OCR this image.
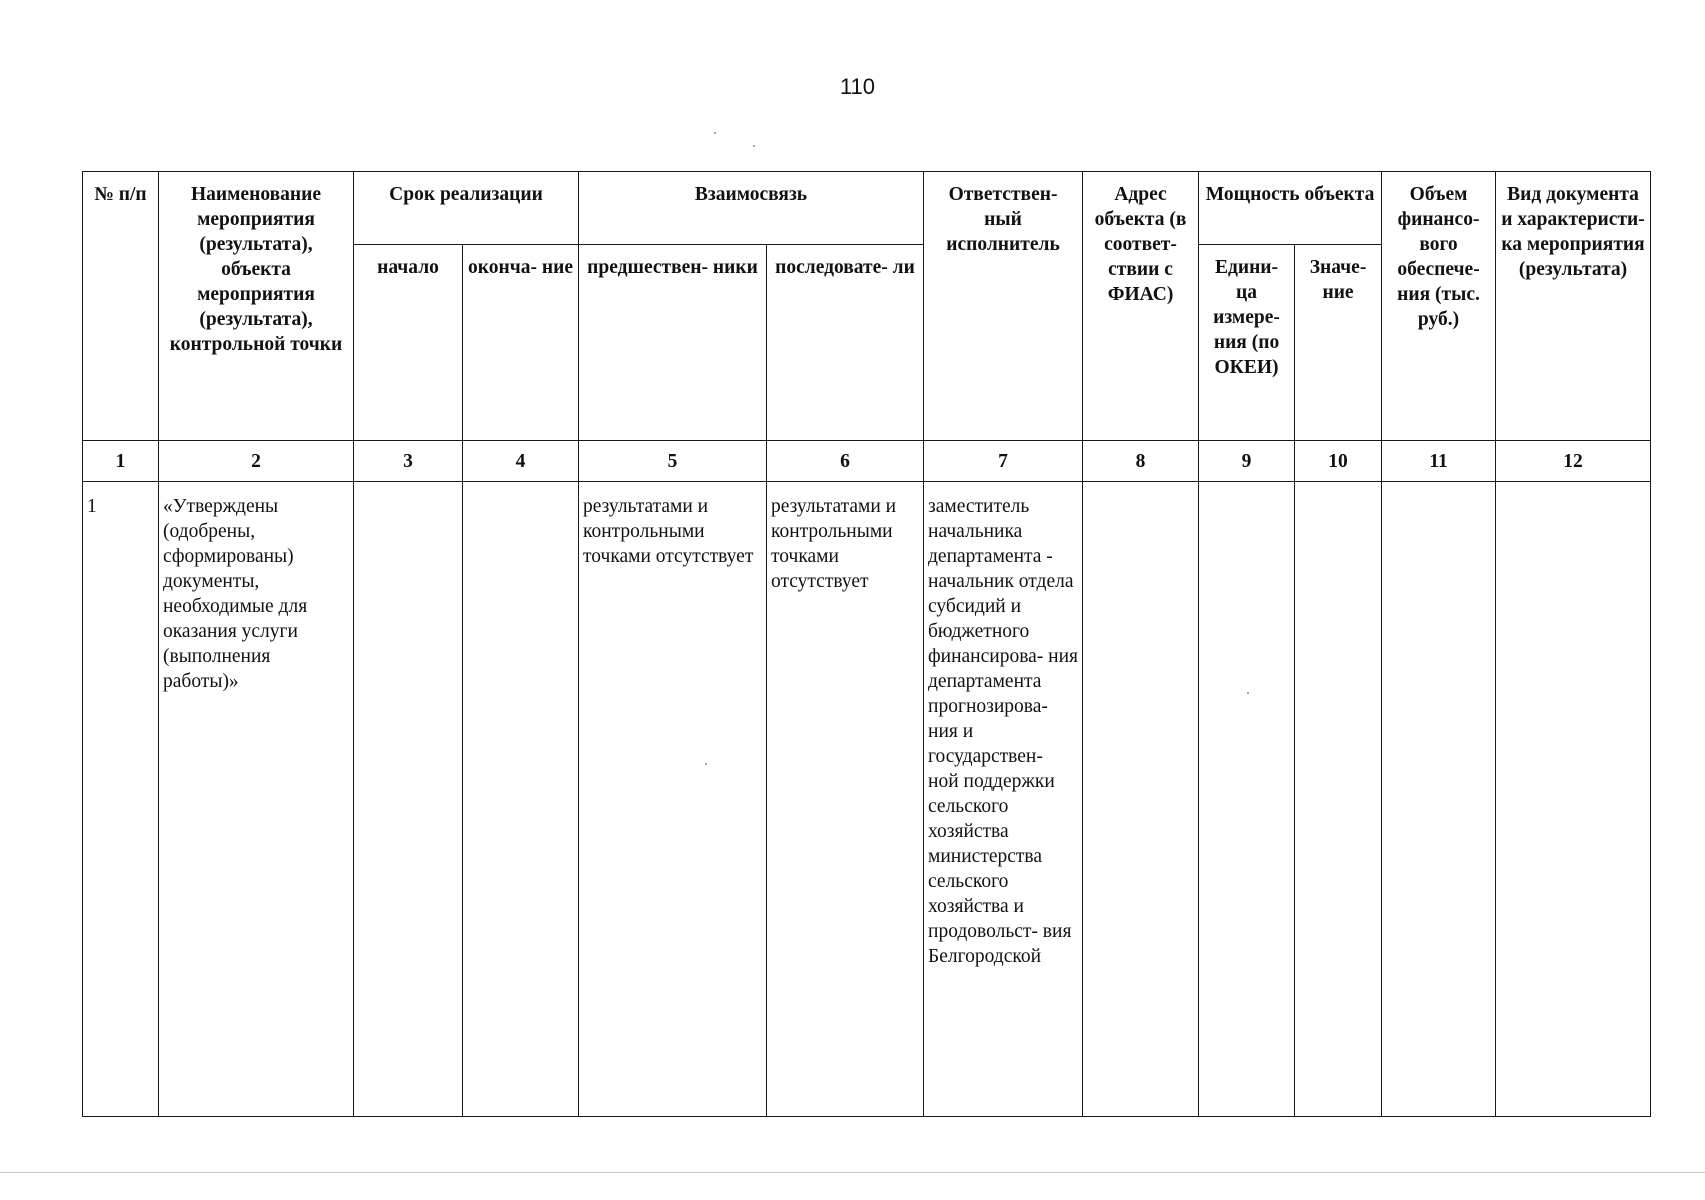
110
№ п/п	Наименование мероприятия (результата), объекта мероприятия (результата), контрольной точки	Срок реализации		Взаимосвязь		Ответствен- ный исполнитель	Адрес объекта (в соответ- ствии с ФИАС)	Мощность объекта		Объем финансо- вого обеспече- ния (тыс. руб.)	Вид документа и характеристи- ка мероприятия (результата)
		начало	оконча- ние	предшествен- ники	последовате- ли			Едини- ца измере- ния (по ОКЕИ)	Значе- ние		
1	2	3	4	5	6	7	8	9	10	11	12
1	«Утверждены (одобрены, сформированы) документы, необходимые для оказания услуги (выполнения работы)»			результатами и контрольными точками отсутствует	результатами и контрольными точками отсутствует	заместитель начальника департамента - начальник отдела субсидий и бюджетного финансирова- ния департамента прогнозирова- ния и государствен- ной поддержки сельского хозяйства министерства сельского хозяйства и продовольст- вия Белгородской					
